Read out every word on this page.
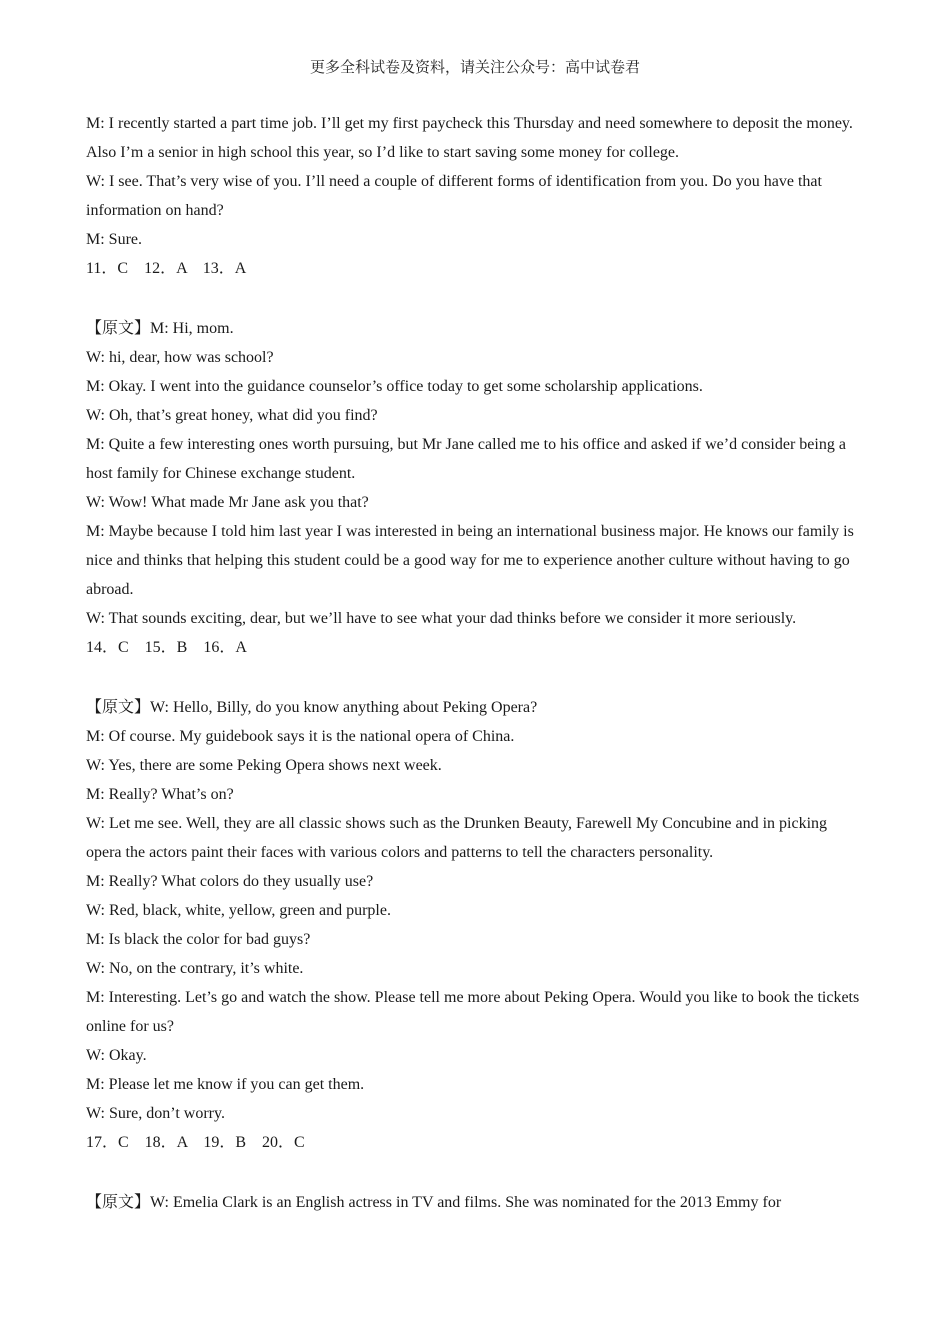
更多全科试卷及资料，请关注公众号：高中试卷君

M: I recently started a part time job. I’ll get my first paycheck this Thursday and need somewhere to deposit the money. Also I’m a senior in high school this year, so I’d like to start saving some money for college.

W: I see. That’s very wise of you. I’ll need a couple of different forms of identification from you. Do you have that information on hand?

M: Sure.

11．C　12．A　13．A

【原文】M: Hi, mom.

W: hi, dear, how was school?

M: Okay. I went into the guidance counselor’s office today to get some scholarship applications.

W: Oh, that’s great honey, what did you find?

M: Quite a few interesting ones worth pursuing, but Mr Jane called me to his office and asked if we’d consider being a host family for Chinese exchange student.

W: Wow! What made Mr Jane ask you that?

M: Maybe because I told him last year I was interested in being an international business major. He knows our family is nice and thinks that helping this student could be a good way for me to experience another culture without having to go abroad.

W: That sounds exciting, dear, but we’ll have to see what your dad thinks before we consider it more seriously.

14．C　15．B　16．A

【原文】W: Hello, Billy, do you know anything about Peking Opera?

M: Of course. My guidebook says it is the national opera of China.

W: Yes, there are some Peking Opera shows next week.

M: Really? What’s on?

W: Let me see. Well, they are all classic shows such as the Drunken Beauty, Farewell My Concubine and in picking opera the actors paint their faces with various colors and patterns to tell the characters personality.

M: Really? What colors do they usually use?

W: Red, black, white, yellow, green and purple.

M: Is black the color for bad guys?

W: No, on the contrary, it’s white.

M: Interesting. Let’s go and watch the show. Please tell me more about Peking Opera. Would you like to book the tickets online for us?

W: Okay.

M: Please let me know if you can get them.

W: Sure, don’t worry.

17．C　18．A　19．B　20．C

【原文】W: Emelia Clark is an English actress in TV and films. She was nominated for the 2013 Emmy for
